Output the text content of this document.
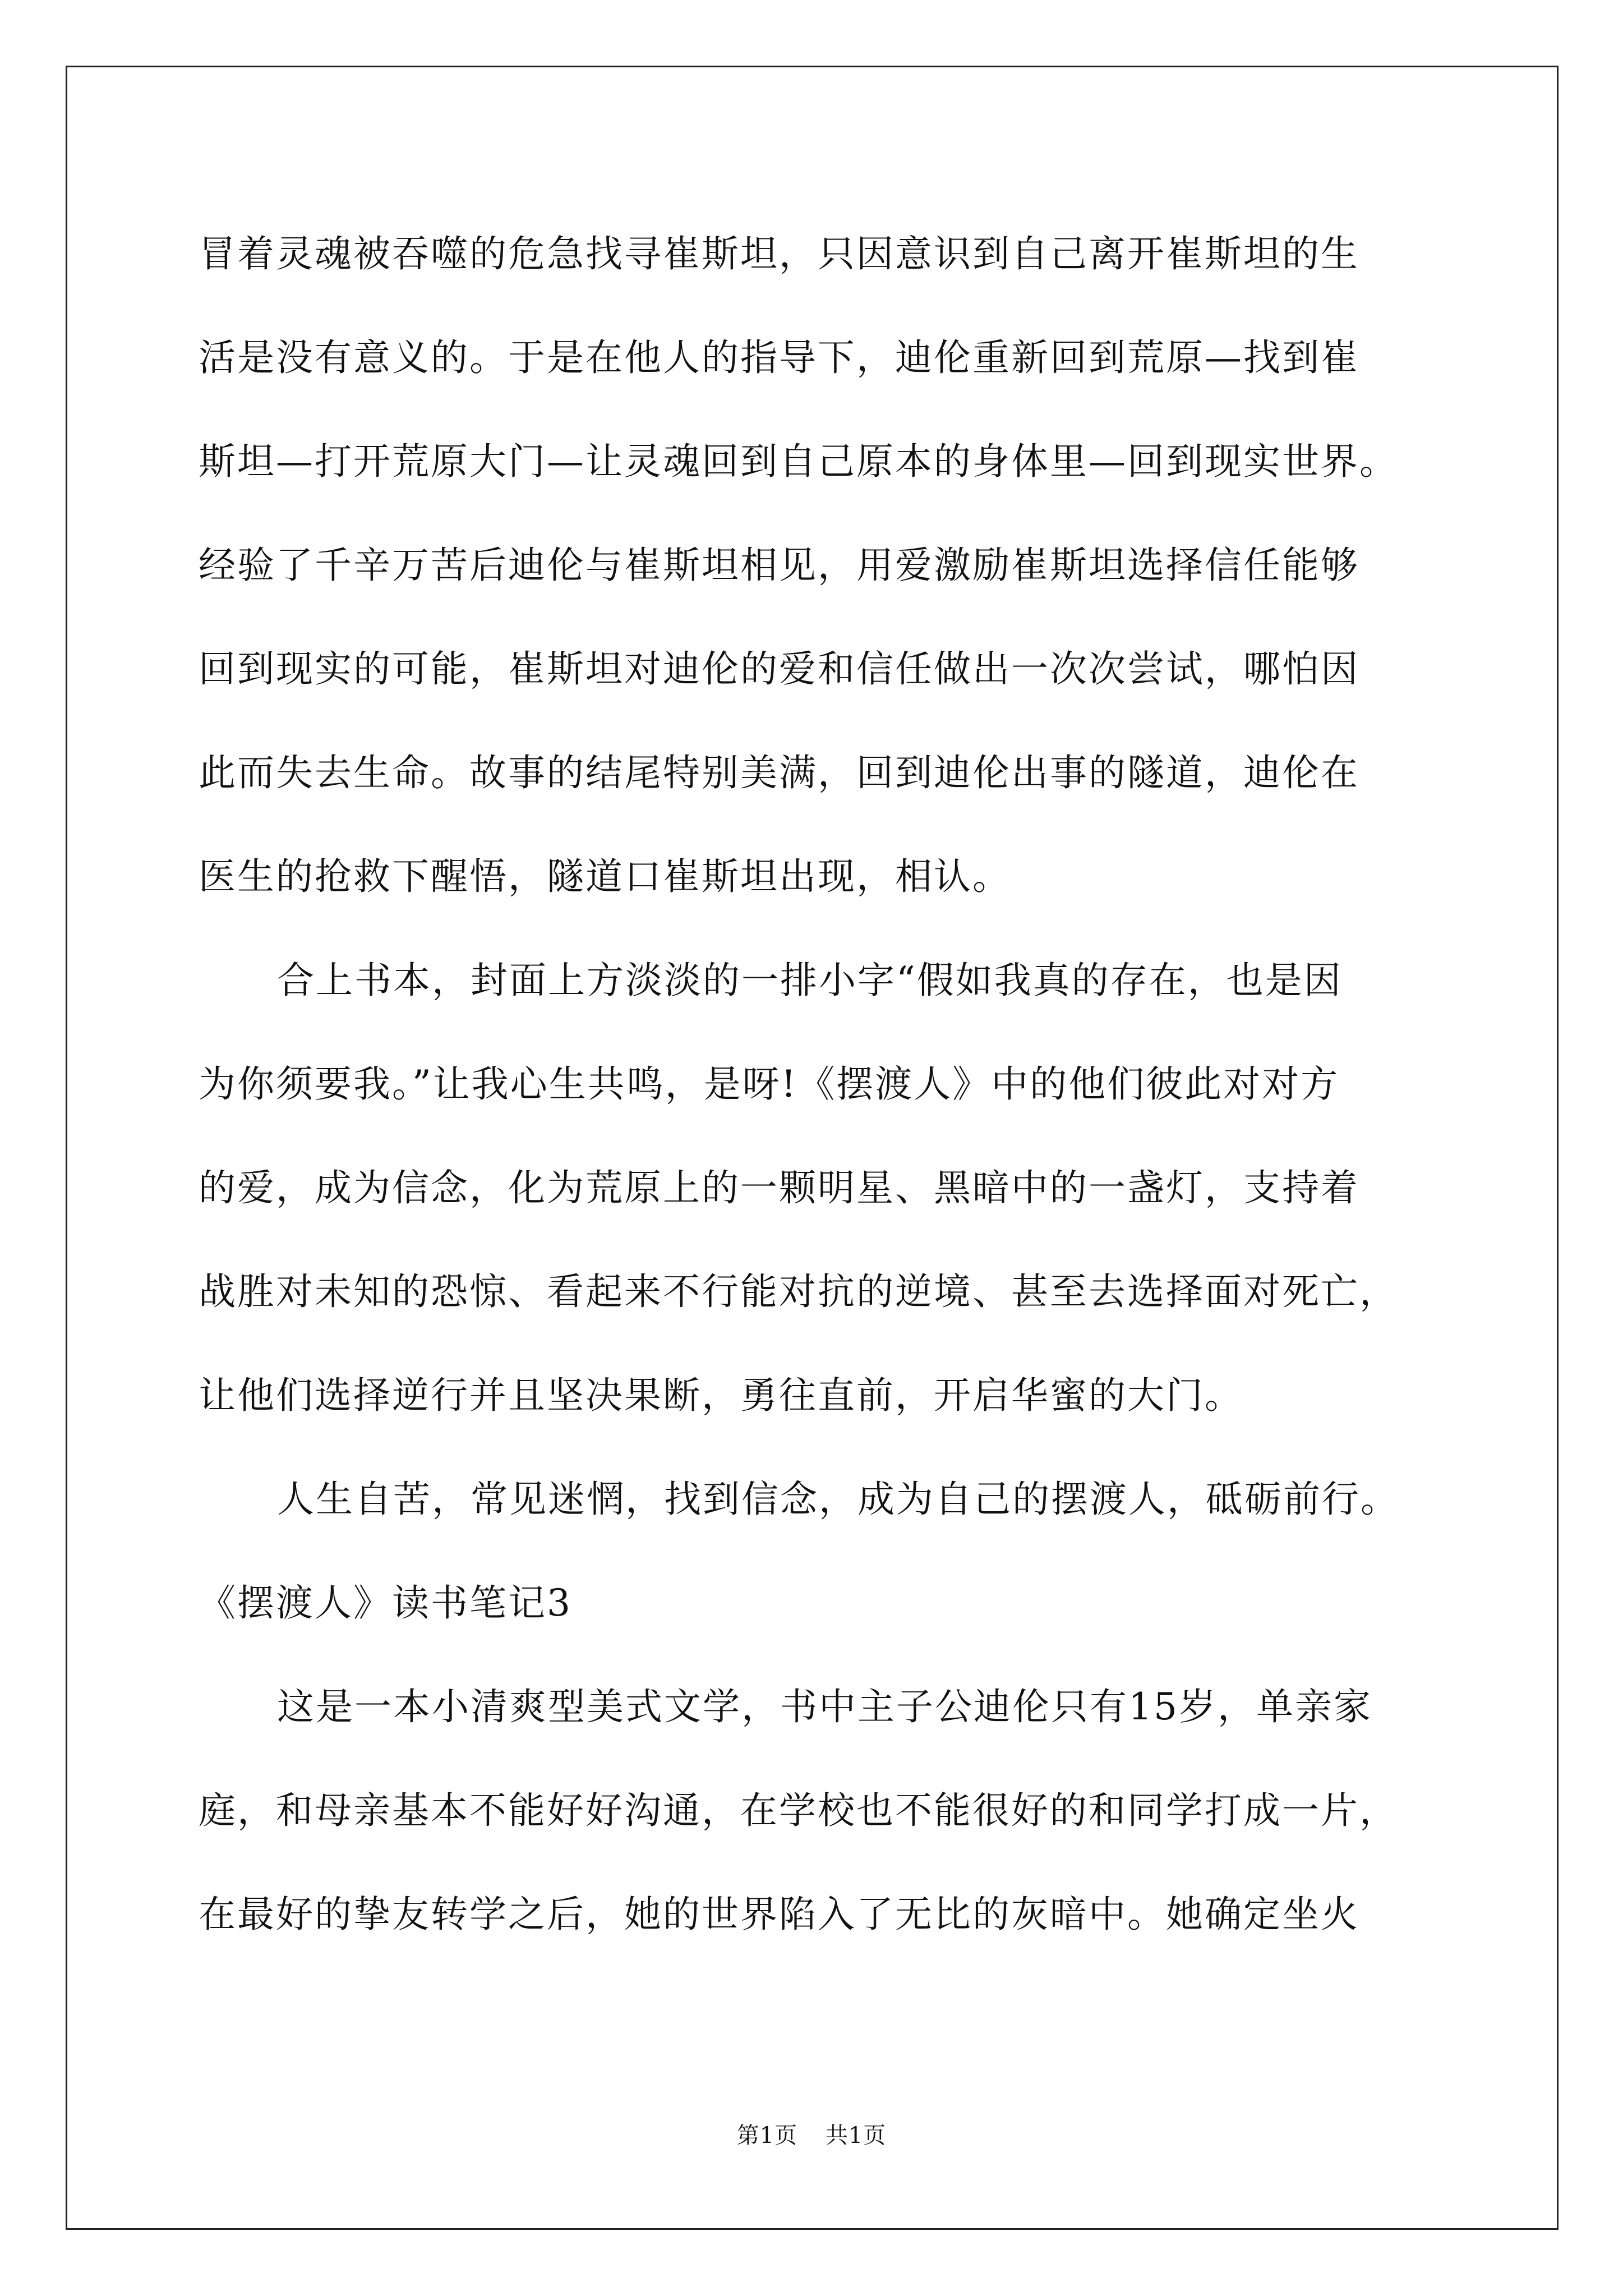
冒着灵魂被吞噬的危急找寻崔斯坦，只因意识到自己离开崔斯坦的生
活是没有意义的。于是在他人的指导下，迪伦重新回到荒原—找到崔
斯坦—打开荒原大门—让灵魂回到自己原本的身体里—回到现实世界。
经验了千辛万苦后迪伦与崔斯坦相见，用爱激励崔斯坦选择信任能够
回到现实的可能，崔斯坦对迪伦的爱和信任做出一次次尝试，哪怕因
此而失去生命。故事的结尾特别美满，回到迪伦出事的隧道，迪伦在
医生的抢救下醒悟，隧道口崔斯坦出现，相认。
合上书本，封面上方淡淡的一排小字“假如我真的存在，也是因
为你须要我。”让我心生共鸣，是呀!《摆渡人》中的他们彼此对对方
的爱，成为信念，化为荒原上的一颗明星、黑暗中的一盏灯，支持着
战胜对未知的恐惊、看起来不行能对抗的逆境、甚至去选择面对死亡，
让他们选择逆行并且坚决果断，勇往直前，开启华蜜的大门。
人生自苦，常见迷惘，找到信念，成为自己的摆渡人，砥砺前行。
《摆渡人》读书笔记3
这是一本小清爽型美式文学，书中主子公迪伦只有15岁，单亲家
庭，和母亲基本不能好好沟通，在学校也不能很好的和同学打成一片，
在最好的挚友转学之后，她的世界陷入了无比的灰暗中。她确定坐火
第1页 共1页
